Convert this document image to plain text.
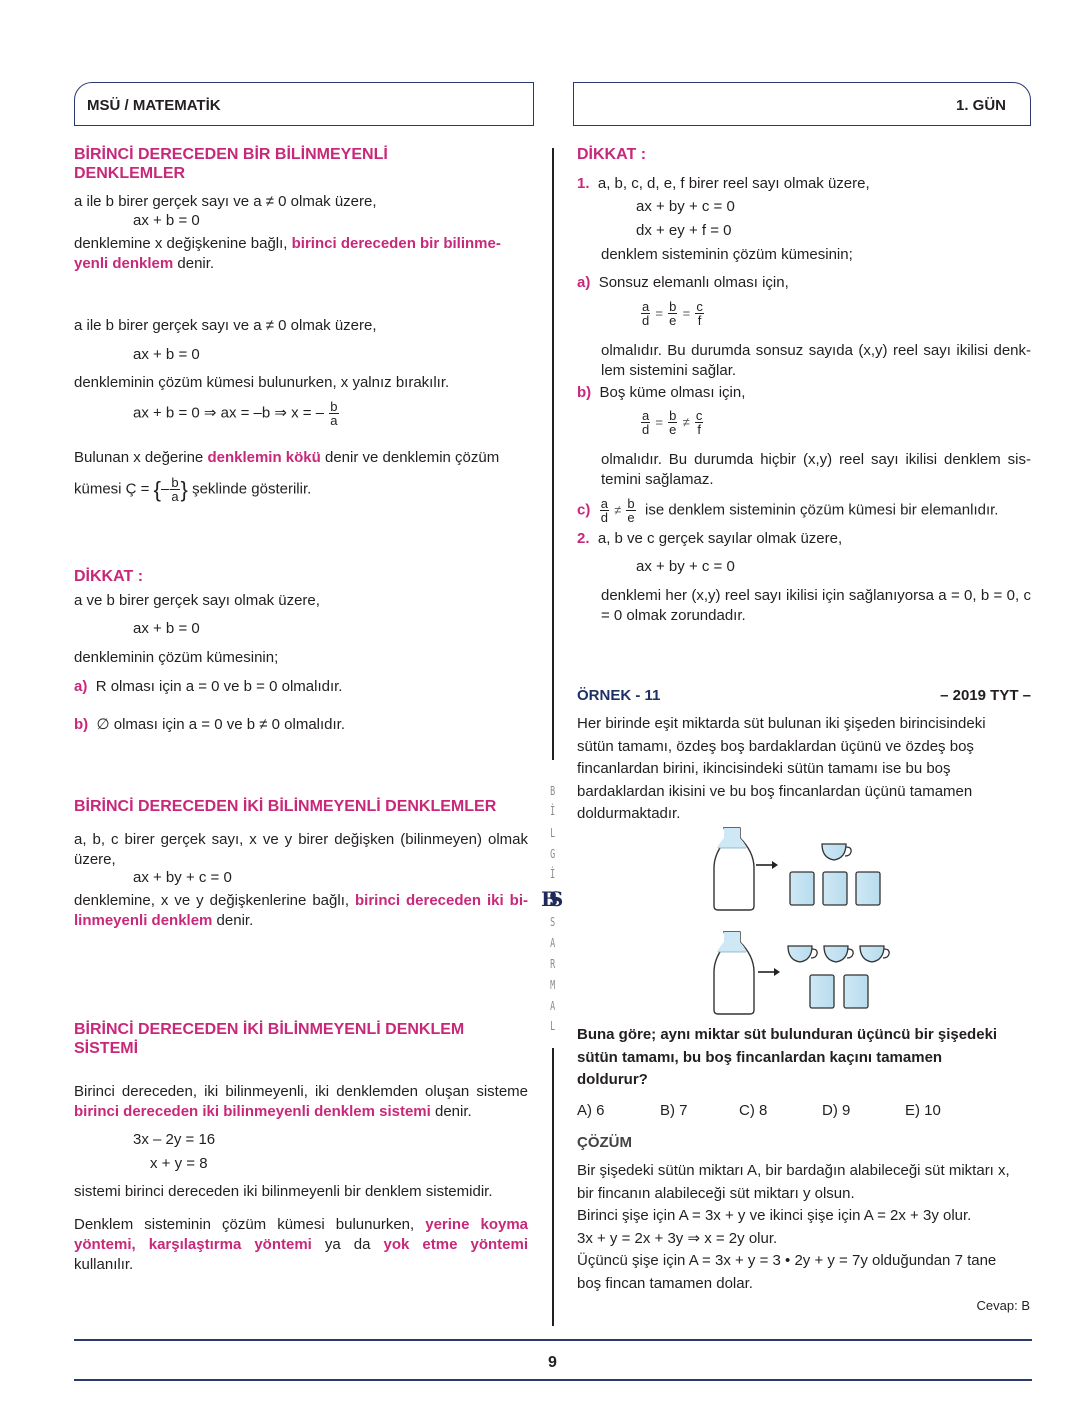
MSÜ / MATEMATİK	1. GÜN
B
İ
L
G
İ
BS
S
A
R
M
A
L
BİRİNCİ DERECEDEN BİR BİLİNMEYENLİ
DENKLEMLER
a ile b birer gerçek sayı ve a ≠ 0 olmak üzere,
ax + b = 0
denklemine x değişkenine bağlı, birinci dereceden bir bilinme-
yenli denklem denir.
a ile b birer gerçek sayı ve a ≠ 0 olmak üzere,
ax + b = 0
denkleminin çözüm kümesi bulunurken, x yalnız bırakılır.
ax + b = 0 ⇒ ax = –b ⇒ x = – $\frac{b}{a}$
Bulunan x değerine denklemin kökü denir ve denklemin çözüm
kümesi Ç = {– $\frac{b}{a}$ } şeklinde gösterilir.
DİKKAT :
a ve b birer gerçek sayı olmak üzere,
ax + b = 0
denkleminin çözüm kümesinin;
a) R olması için a = 0 ve b = 0 olmalıdır.
b) ∅ olması için a = 0 ve b ≠ 0 olmalıdır.
BİRİNCİ DERECEDEN İKİ BİLİNMEYENLİ DENKLEMLER
a, b, c birer gerçek sayı, x ve y birer değişken (bilinmeyen) olmak üzere,
ax + by + c = 0
denklemine, x ve y değişkenlerine bağlı, birinci dereceden iki bi-linmeyenli denklem denir.
BİRİNCİ DERECEDEN İKİ BİLİNMEYENLİ DENKLEM
SİSTEMİ
Birinci dereceden, iki bilinmeyenli, iki denklemden oluşan sisteme birinci dereceden iki bilinmeyenli denklem sistemi denir.
3x – 2y = 16
x + y = 8
sistemi birinci dereceden iki bilinmeyenli bir denklem sistemidir.
Denklem sisteminin çözüm kümesi bulunurken, yerine koyma yöntemi, karşılaştırma yöntemi ya da yok etme yöntemi kullanılır.
DİKKAT :
1. a, b, c, d, e, f birer reel sayı olmak üzere,
ax + by + c = 0
dx + ey + f = 0
denklem sisteminin çözüm kümesinin;
a) Sonsuz elemanlı olması için,
$\frac{a}{d} = \frac{b}{e} = \frac{c}{f}$
olmalıdır. Bu durumda sonsuz sayıda (x,y) reel sayı ikilisi denk-lem sistemini sağlar.
b) Boş küme olması için,
$\frac{a}{d} = \frac{b}{e} \ne \frac{c}{f}$
olmalıdır. Bu durumda hiçbir (x,y) reel sayı ikilisi denklem sis-temini sağlamaz.
$c) \frac{a}{d} \ne \frac{b}{e}$ ise denklem sisteminin çözüm kümesi bir elemanlıdır.
2. a, b ve c gerçek sayılar olmak üzere,
ax + by + c = 0
denklemi her (x,y) reel sayı ikilisi için sağlanıyorsa a = 0, b = 0, c = 0 olmak zorundadır.
ÖRNEK - 11	– 2019 TYT –
Her birinde eşit miktarda süt bulunan iki şişeden birincisindeki sütün tamamı, özdeş boş bardaklardan üçünü ve özdeş boş fincanlardan birini, ikincisindeki sütün tamamı ise bu boş bardaklardan ikisini ve bu boş fincanlardan üçünü tamamen doldurmaktadır.
Buna göre; aynı miktar süt bulunduran üçüncü bir şişedeki sütün tamamı, bu boş fincanlardan kaçını tamamen doldurur?
A) 6	B) 7	C) 8	D) 9	E) 10
ÇÖZÜM
Bir şişedeki sütün miktarı A, bir bardağın alabileceği süt miktarı x,
bir fincanın alabileceği süt miktarı y olsun.
Birinci şişe için A = 3x + y ve ikinci şişe için A = 2x + 3y olur.
3x + y = 2x + 3y ⇒ x = 2y olur.
Üçüncü şişe için A = 3x + y = 3 • 2y + y = 7y olduğundan 7 tane
boş fincan tamamen dolar.
Cevap: B
9
